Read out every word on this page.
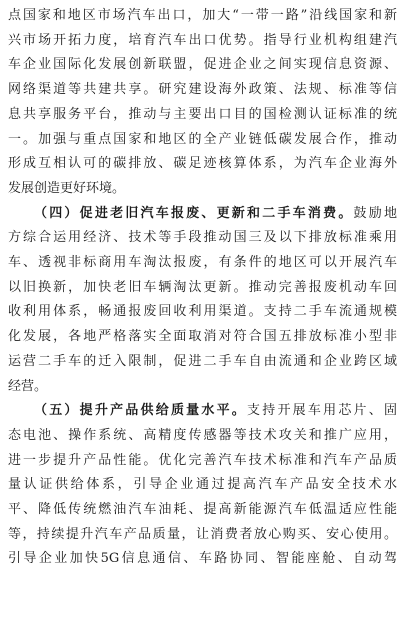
点国家和地区市场汽车出口，加大“一带一路”沿线国家和新
兴市场开拓力度，培育汽车出口优势。指导行业机构组建汽
车企业国际化发展创新联盟，促进企业之间实现信息资源、
网络渠道等共建共享。研究建设海外政策、法规、标准等信
息共享服务平台，推动与主要出口目的国检测认证标准的统
一。加强与重点国家和地区的全产业链低碳发展合作，推动
形成互相认可的碳排放、碳足迹核算体系，为汽车企业海外
发展创造更好环境。
（四）促进老旧汽车报废、更新和二手车消费。鼓励地
方综合运用经济、技术等手段推动国三及以下排放标准乘用
车、透视非标商用车淘汰报废，有条件的地区可以开展汽车
以旧换新，加快老旧车辆淘汰更新。推动完善报废机动车回
收利用体系，畅通报废回收利用渠道。支持二手车流通规模
化发展，各地严格落实全面取消对符合国五排放标准小型非
运营二手车的迁入限制，促进二手车自由流通和企业跨区域
经营。
（五）提升产品供给质量水平。支持开展车用芯片、固
态电池、操作系统、高精度传感器等技术攻关和推广应用，
进一步提升产品性能。优化完善汽车技术标准和汽车产品质
量认证供给体系，引导企业通过提高汽车产品安全技术水
平、降低传统燃油汽车油耗、提高新能源汽车低温适应性能
等，持续提升汽车产品质量，让消费者放心购买、安心使用。
引导企业加快5G信息通信、车路协同、智能座舱、自动驾
